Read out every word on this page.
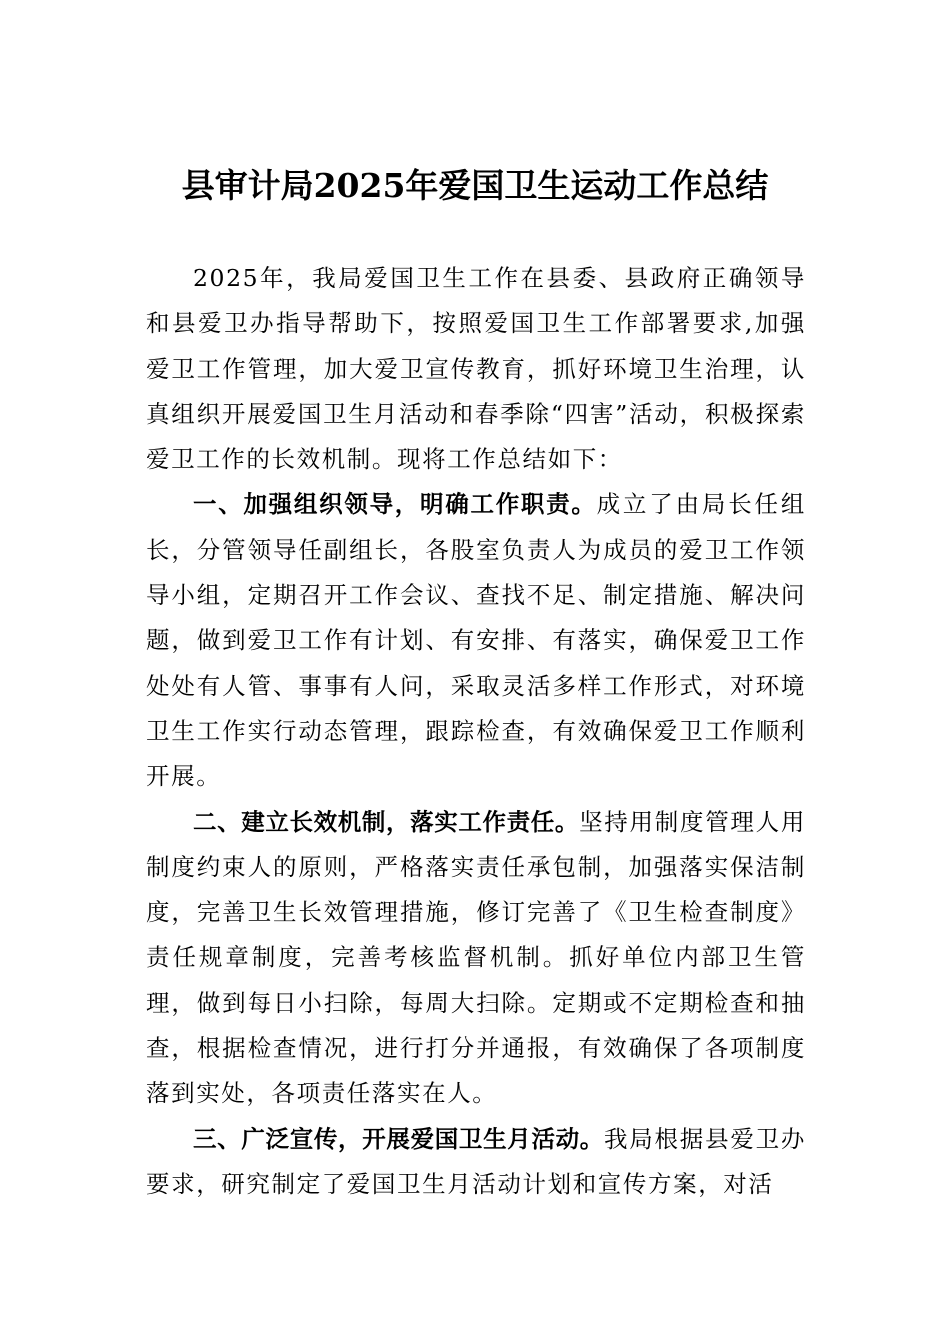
县审计局2025年爱国卫生运动工作总结

2025年，我局爱国卫生工作在县委、县政府正确领导和县爱卫办指导帮助下，按照爱国卫生工作部署要求,加强爱卫工作管理，加大爱卫宣传教育，抓好环境卫生治理，认真组织开展爱国卫生月活动和春季除“四害”活动，积极探索爱卫工作的长效机制。现将工作总结如下：

一、加强组织领导，明确工作职责。成立了由局长任组长，分管领导任副组长，各股室负责人为成员的爱卫工作领导小组，定期召开工作会议、查找不足、制定措施、解决问题，做到爱卫工作有计划、有安排、有落实，确保爱卫工作处处有人管、事事有人问，采取灵活多样工作形式，对环境卫生工作实行动态管理，跟踪检查，有效确保爱卫工作顺利开展。

二、建立长效机制，落实工作责任。坚持用制度管理人用制度约束人的原则，严格落实责任承包制，加强落实保洁制度，完善卫生长效管理措施，修订完善了《卫生检查制度》责任规章制度，完善考核监督机制。抓好单位内部卫生管理，做到每日小扫除，每周大扫除。定期或不定期检查和抽查，根据检查情况，进行打分并通报，有效确保了各项制度落到实处，各项责任落实在人。

三、广泛宣传，开展爱国卫生月活动。我局根据县爱卫办要求，研究制定了爱国卫生月活动计划和宣传方案，对活
